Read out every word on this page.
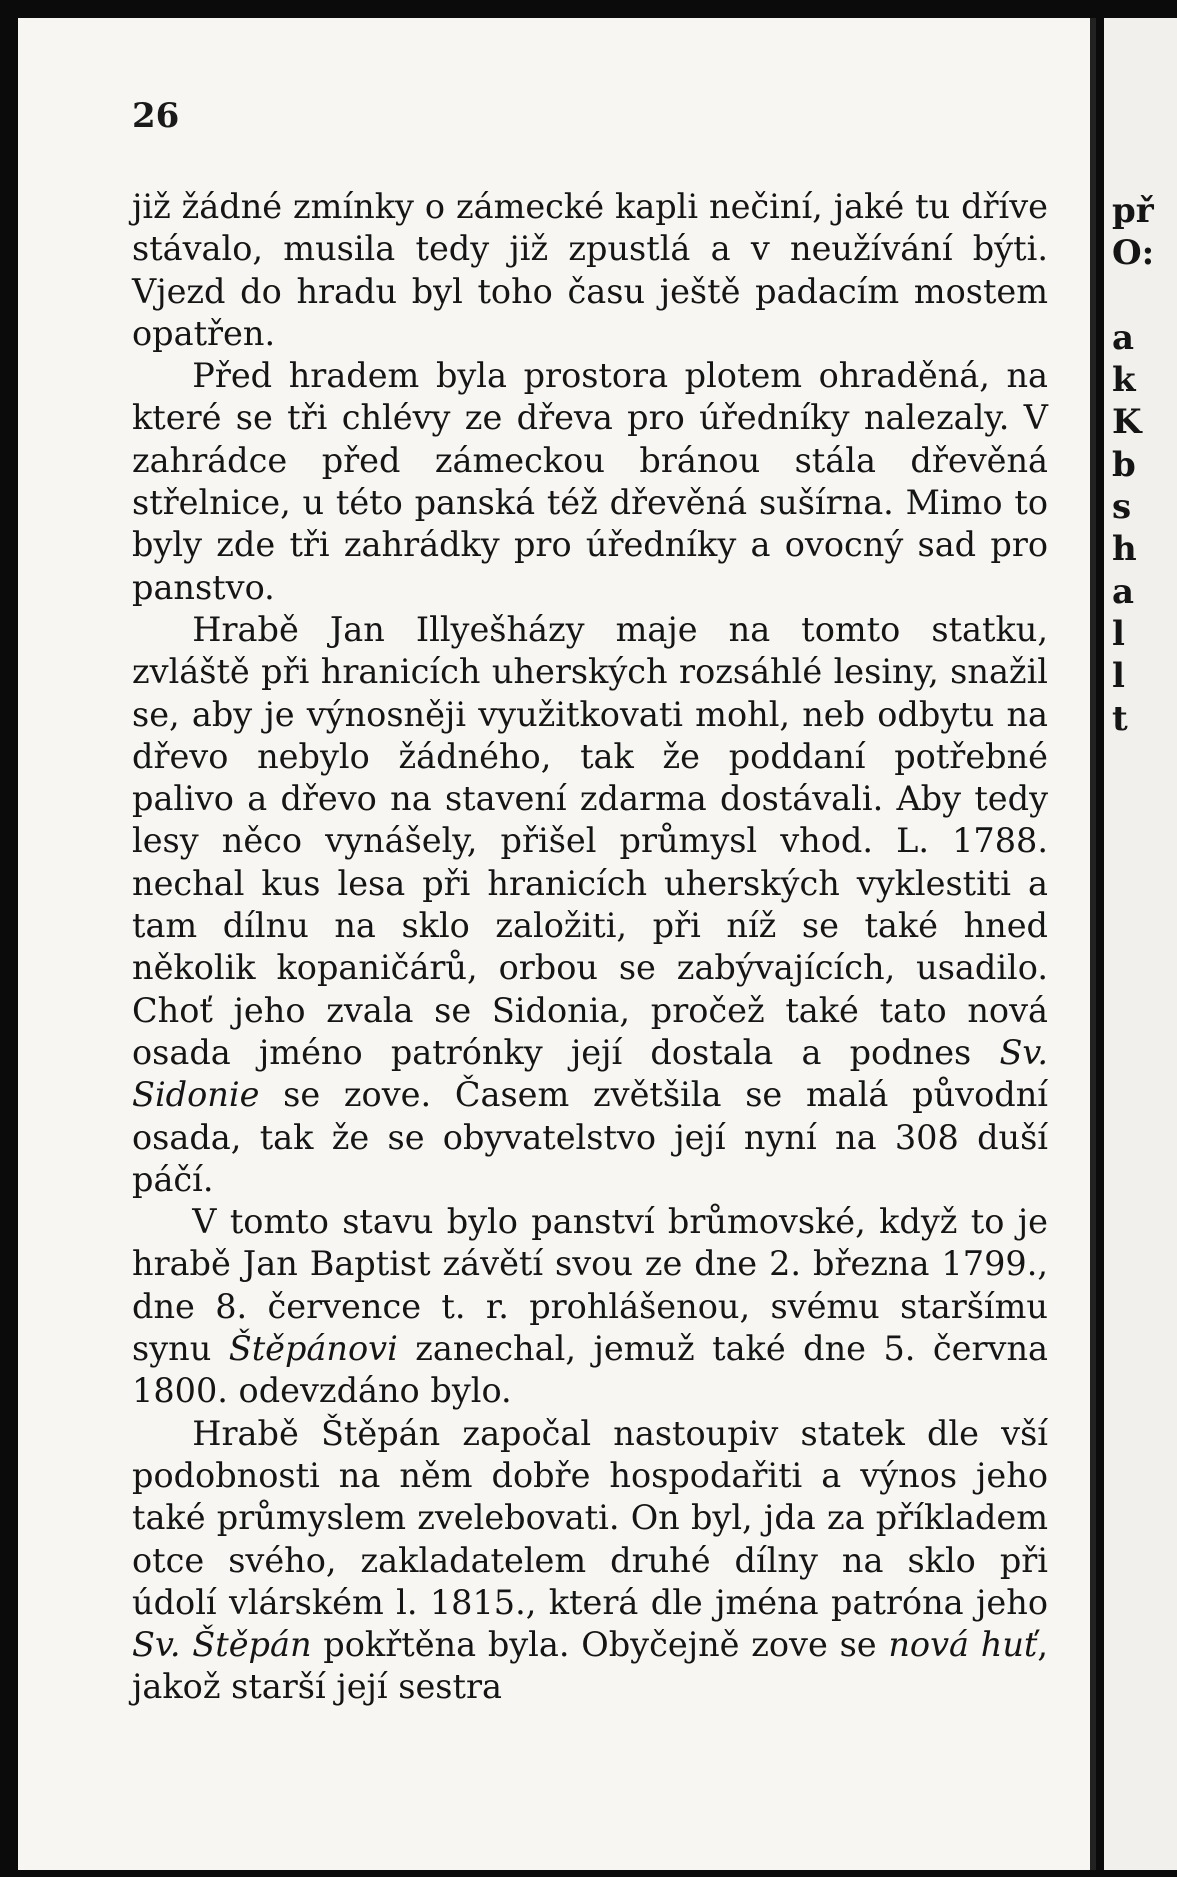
26

již žádné zmínky o zámecké kapli nečiní, jaké tu dříve stávalo, musila tedy již zpustlá a v neužívání býti. Vjezd do hradu byl toho času ještě padacím mostem opatřen.

Před hradem byla prostora plotem ohraděná, na které se tři chlévy ze dřeva pro úředníky nalezaly. V zahrádce před zámeckou bránou stála dřevěná střelnice, u této panská též dřevěná sušírna. Mimo to byly zde tři zahrádky pro úředníky a ovocný sad pro panstvo.

Hrabě Jan Illyešházy maje na tomto statku, zvláště při hranicích uherských rozsáhlé lesiny, snažil se, aby je výnosněji využitkovati mohl, neb odbytu na dřevo nebylo žádného, tak že poddaní potřebné palivo a dřevo na stavení zdarma dostávali. Aby tedy lesy něco vynášely, přišel průmysl vhod. L. 1788. nechal kus lesa při hranicích uherských vyklestiti a tam dílnu na sklo založiti, při níž se také hned několik kopaničárů, orbou se zabývajících, usadilo. Choť jeho zvala se Sidonia, pročež také tato nová osada jméno patrónky její dostala a podnes Sv. Sidonie se zove. Časem zvětšila se malá původní osada, tak že se obyvatelstvo její nyní na 308 duší páčí.

V tomto stavu bylo panství brůmovské, když to je hrabě Jan Baptist závětí svou ze dne 2. března 1799., dne 8. července t. r. prohlášenou, svému staršímu synu Štěpánovi zanechal, jemuž také dne 5. června 1800. odevzdáno bylo.

Hrabě Štěpán započal nastoupiv statek dle vší podobnosti na něm dobře hospodařiti a výnos jeho také průmyslem zvelebovati. On byl, jda za příkladem otce svého, zakladatelem druhé dílny na sklo při údolí vlárském l. 1815., která dle jména patróna jeho Sv. Štěpán pokřtěna byla. Obyčejně zove se nová huť, jakož starší její sestra

př
O:
a
k
K
b
s
h
a
l
l
t
